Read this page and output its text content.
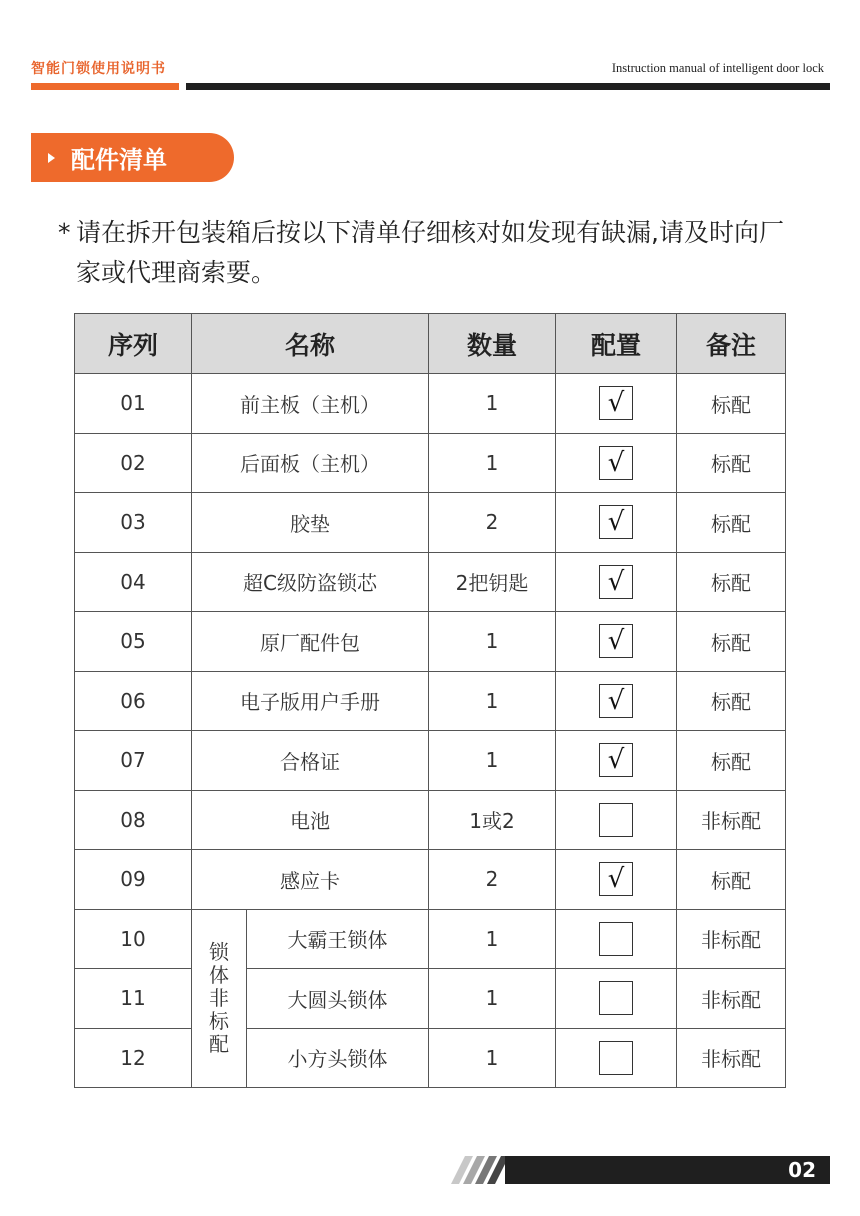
智能门锁使用说明书	Instruction manual of intelligent door lock
配件清单
* 请在拆开包装箱后按以下清单仔细核对如发现有缺漏,请及时向厂家或代理商索要。
序列	名称		数量	配置	备注
01	前主板（主机）		1	√	标配
02	后面板（主机）		1	√	标配
03	胶垫		2	√	标配
04	超C级防盗锁芯		2把钥匙	√	标配
05	原厂配件包		1	√	标配
06	电子版用户手册		1	√	标配
07	合格证		1	√	标配
08	电池		1或2		非标配
09	感应卡		2	√	标配
10	锁体非标配	大霸王锁体	1		非标配
11		大圆头锁体	1		非标配
12		小方头锁体	1		非标配
02
